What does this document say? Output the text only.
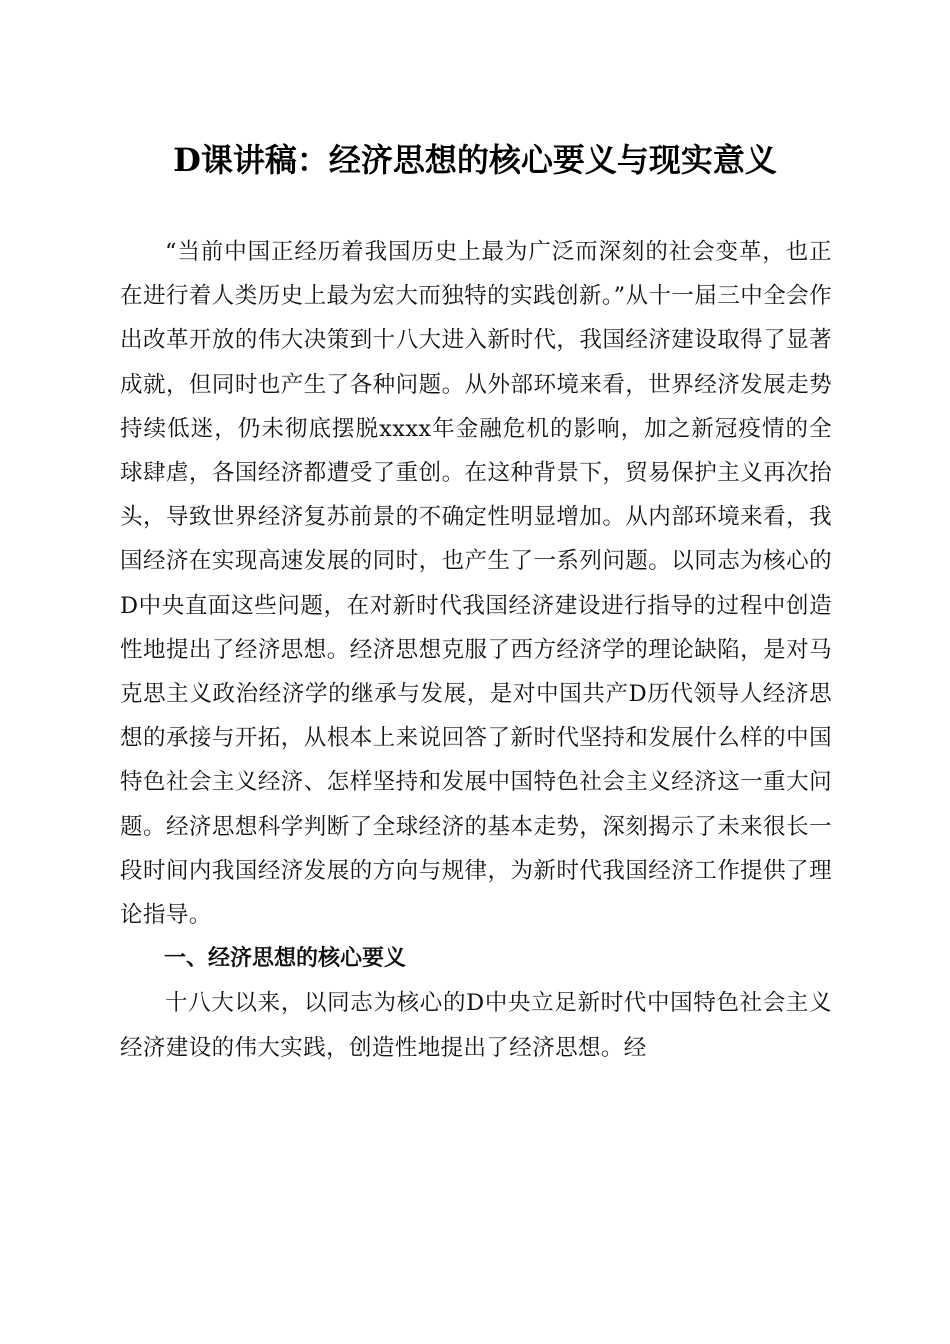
D课讲稿：经济思想的核心要义与现实意义

“当前中国正经历着我国历史上最为广泛而深刻的社会变革，也正在进行着人类历史上最为宏大而独特的实践创新。”从十一届三中全会作出改革开放的伟大决策到十八大进入新时代，我国经济建设取得了显著成就，但同时也产生了各种问题。从外部环境来看，世界经济发展走势持续低迷，仍未彻底摆脱xxxx年金融危机的影响，加之新冠疫情的全球肆虐，各国经济都遭受了重创。在这种背景下，贸易保护主义再次抬头，导致世界经济复苏前景的不确定性明显增加。从内部环境来看，我国经济在实现高速发展的同时，也产生了一系列问题。以同志为核心的D中央直面这些问题，在对新时代我国经济建设进行指导的过程中创造性地提出了经济思想。经济思想克服了西方经济学的理论缺陷，是对马克思主义政治经济学的继承与发展，是对中国共产D历代领导人经济思想的承接与开拓，从根本上来说回答了新时代坚持和发展什么样的中国特色社会主义经济、怎样坚持和发展中国特色社会主义经济这一重大问题。经济思想科学判断了全球经济的基本走势，深刻揭示了未来很长一段时间内我国经济发展的方向与规律，为新时代我国经济工作提供了理论指导。

一、经济思想的核心要义

十八大以来，以同志为核心的D中央立足新时代中国特色社会主义经济建设的伟大实践，创造性地提出了经济思想。经
